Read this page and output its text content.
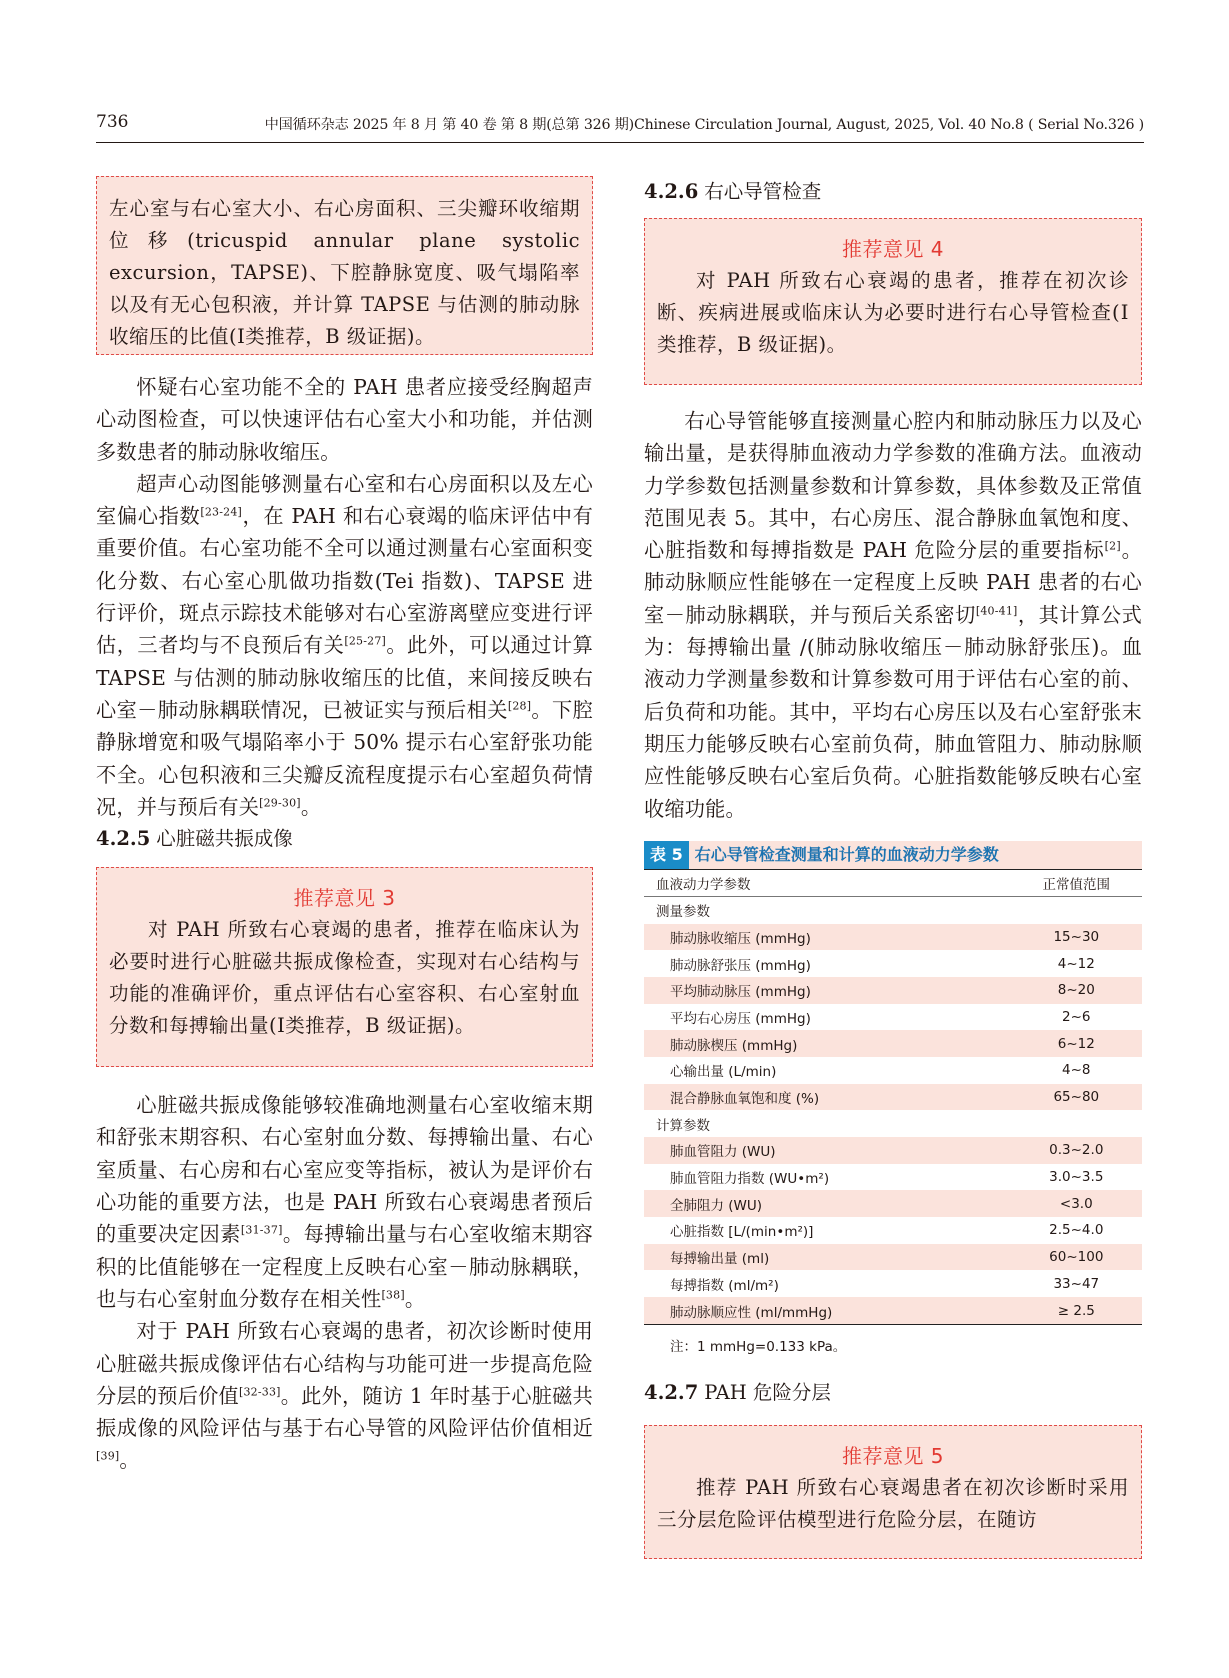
736	中国循环杂志 2025 年 8 月 第 40 卷 第 8 期(总第 326 期)Chinese Circulation Journal, August, 2025, Vol. 40 No.8 ( Serial No.326 )

左心室与右心室大小、右心房面积、三尖瓣环收缩期位移(tricuspid annular plane systolic excursion，TAPSE)、下腔静脉宽度、吸气塌陷率以及有无心包积液，并计算 TAPSE 与估测的肺动脉收缩压的比值(Ⅰ类推荐，B 级证据)。

怀疑右心室功能不全的 PAH 患者应接受经胸超声心动图检查，可以快速评估右心室大小和功能，并估测多数患者的肺动脉收缩压。

超声心动图能够测量右心室和右心房面积以及左心室偏心指数[23-24]，在 PAH 和右心衰竭的临床评估中有重要价值。右心室功能不全可以通过测量右心室面积变化分数、右心室心肌做功指数(Tei 指数)、TAPSE 进行评价，斑点示踪技术能够对右心室游离壁应变进行评估，三者均与不良预后有关[25-27]。此外，可以通过计算 TAPSE 与估测的肺动脉收缩压的比值，来间接反映右心室－肺动脉耦联情况，已被证实与预后相关[28]。下腔静脉增宽和吸气塌陷率小于 50% 提示右心室舒张功能不全。心包积液和三尖瓣反流程度提示右心室超负荷情况，并与预后有关[29-30]。

4.2.5 心脏磁共振成像

推荐意见 3

对 PAH 所致右心衰竭的患者，推荐在临床认为必要时进行心脏磁共振成像检查，实现对右心结构与功能的准确评价，重点评估右心室容积、右心室射血分数和每搏输出量(Ⅰ类推荐，B 级证据)。

心脏磁共振成像能够较准确地测量右心室收缩末期和舒张末期容积、右心室射血分数、每搏输出量、右心室质量、右心房和右心室应变等指标，被认为是评价右心功能的重要方法，也是 PAH 所致右心衰竭患者预后的重要决定因素[31-37]。每搏输出量与右心室收缩末期容积的比值能够在一定程度上反映右心室－肺动脉耦联，也与右心室射血分数存在相关性[38]。

对于 PAH 所致右心衰竭的患者，初次诊断时使用心脏磁共振成像评估右心结构与功能可进一步提高危险分层的预后价值[32-33]。此外，随访 1 年时基于心脏磁共振成像的风险评估与基于右心导管的风险评估价值相近[39]。

4.2.6 右心导管检查

推荐意见 4

对 PAH 所致右心衰竭的患者，推荐在初次诊断、疾病进展或临床认为必要时进行右心导管检查(Ⅰ类推荐，B 级证据)。

右心导管能够直接测量心腔内和肺动脉压力以及心输出量，是获得肺血液动力学参数的准确方法。血液动力学参数包括测量参数和计算参数，具体参数及正常值范围见表 5。其中，右心房压、混合静脉血氧饱和度、心脏指数和每搏指数是 PAH 危险分层的重要指标[2]。肺动脉顺应性能够在一定程度上反映 PAH 患者的右心室－肺动脉耦联，并与预后关系密切[40-41]，其计算公式为：每搏输出量 /(肺动脉收缩压－肺动脉舒张压)。血液动力学测量参数和计算参数可用于评估右心室的前、后负荷和功能。其中，平均右心房压以及右心室舒张末期压力能够反映右心室前负荷，肺血管阻力、肺动脉顺应性能够反映右心室后负荷。心脏指数能够反映右心室收缩功能。

表 5 右心导管检查测量和计算的血液动力学参数
血液动力学参数	正常值范围
测量参数	
肺动脉收缩压 (mmHg)	15~30
肺动脉舒张压 (mmHg)	4~12
平均肺动脉压 (mmHg)	8~20
平均右心房压 (mmHg)	2~6
肺动脉楔压 (mmHg)	6~12
心输出量 (L/min)	4~8
混合静脉血氧饱和度 (%)	65~80
计算参数	
肺血管阻力 (WU)	0.3~2.0
肺血管阻力指数 (WU•m²)	3.0~3.5
全肺阻力 (WU)	<3.0
心脏指数 [L/(min•m²)]	2.5~4.0
每搏输出量 (ml)	60~100
每搏指数 (ml/m²)	33~47
肺动脉顺应性 (ml/mmHg)	≥ 2.5
注：1 mmHg=0.133 kPa。

4.2.7 PAH 危险分层

推荐意见 5

推荐 PAH 所致右心衰竭患者在初次诊断时采用三分层危险评估模型进行危险分层，在随访
